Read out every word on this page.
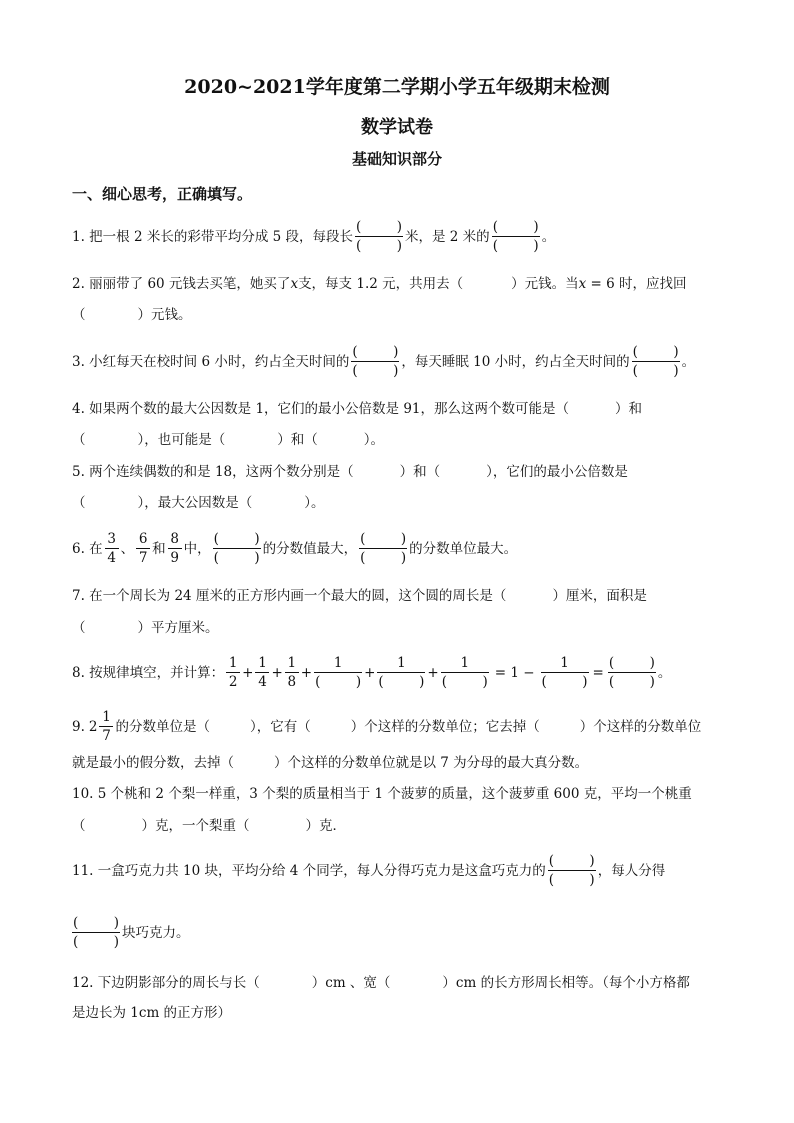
2020~2021学年度第二学期小学五年级期末检测
数学试卷
基础知识部分
一、细心思考，正确填写。
1. 把一根 2 米长的彩带平均分成 5 段，每段长 (	)
(	) 米，是 2 米的 (	)
(	) 。
2. 丽丽带了 60 元钱去买笔，她买了x支，每支 1.2 元，共用去（	）元钱。当x = 6 时，应找回
（	）元钱。
3. 小红每天在校时间 6 小时，约占全天时间的 (	)
(	) ，每天睡眠 10 小时，约占全天时间的 (	)
(	) 。
4. 如果两个数的最大公因数是 1，它们的最小公倍数是 91，那么这两个数可能是（	）和
（	），也可能是（	）和（	）。
5. 两个连续偶数的和是 18，这两个数分别是（	）和（	），它们的最小公倍数是
（	），最大公因数是（	）。
6. 在 $\frac{3}{4}$ 、 $\frac{6}{7}$ 和 $\frac{8}{9}$ 中， (	)
(	) 的分数值最大， (	)
(	) 的分数单位最大。
7. 在一个周长为 24 厘米的正方形内画一个最大的圆，这个圆的周长是（	）厘米，面积是
（	）平方厘米。
8. 按规律填空，并计算： $\frac{1}{2} + \frac{1}{4} + \frac{1}{8} + 1$
(	) + 1
(	) + 1
(	) = 1 − 1
(	) = (	)
(	) 。
9. $2 \frac{1}{7}$ 的分数单位是（	），它有（	）个这样的分数单位；它去掉（	）个这样的分数单位
就是最小的假分数，去掉（	）个这样的分数单位就是以 7 为分母的最大真分数。
10. 5 个桃和 2 个梨一样重，3 个梨的质量相当于 1 个菠萝的质量，这个菠萝重 600 克，平均一个桃重
（	）克，一个梨重（	）克．
11. 一盒巧克力共 10 块，平均分给 4 个同学，每人分得巧克力是这盒巧克力的 (	)
(	) ，每人分得
(	)
(	) 块巧克力。
12. 下边阴影部分的周长与长（	）cm 、宽（	）cm 的长方形周长相等。（每个小方格都
是边长为 1cm 的正方形）
